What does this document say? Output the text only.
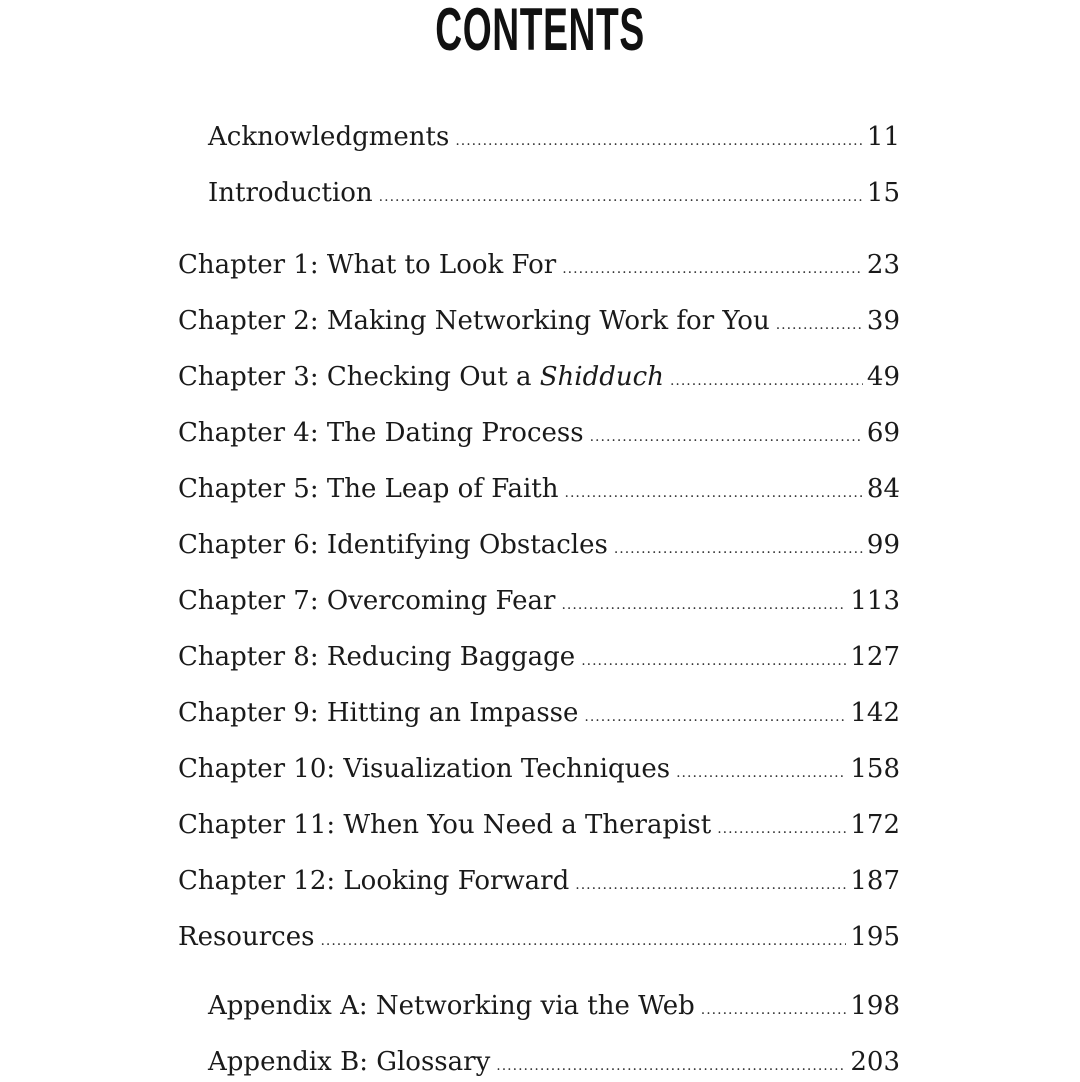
CONTENTS
Acknowledgments .....	11
Introduction .....	15
Chapter 1: What to Look For .....	23
Chapter 2: Making Networking Work for You .....	39
Chapter 3: Checking Out a Shidduch .....	49
Chapter 4: The Dating Process .....	69
Chapter 5: The Leap of Faith .....	84
Chapter 6: Identifying Obstacles .....	99
Chapter 7: Overcoming Fear .....	113
Chapter 8: Reducing Baggage .....	127
Chapter 9: Hitting an Impasse .....	142
Chapter 10: Visualization Techniques .....	158
Chapter 11: When You Need a Therapist .....	172
Chapter 12: Looking Forward .....	187
Resources .....	195
Appendix A: Networking via the Web .....	198
Appendix B: Glossary .....	203
